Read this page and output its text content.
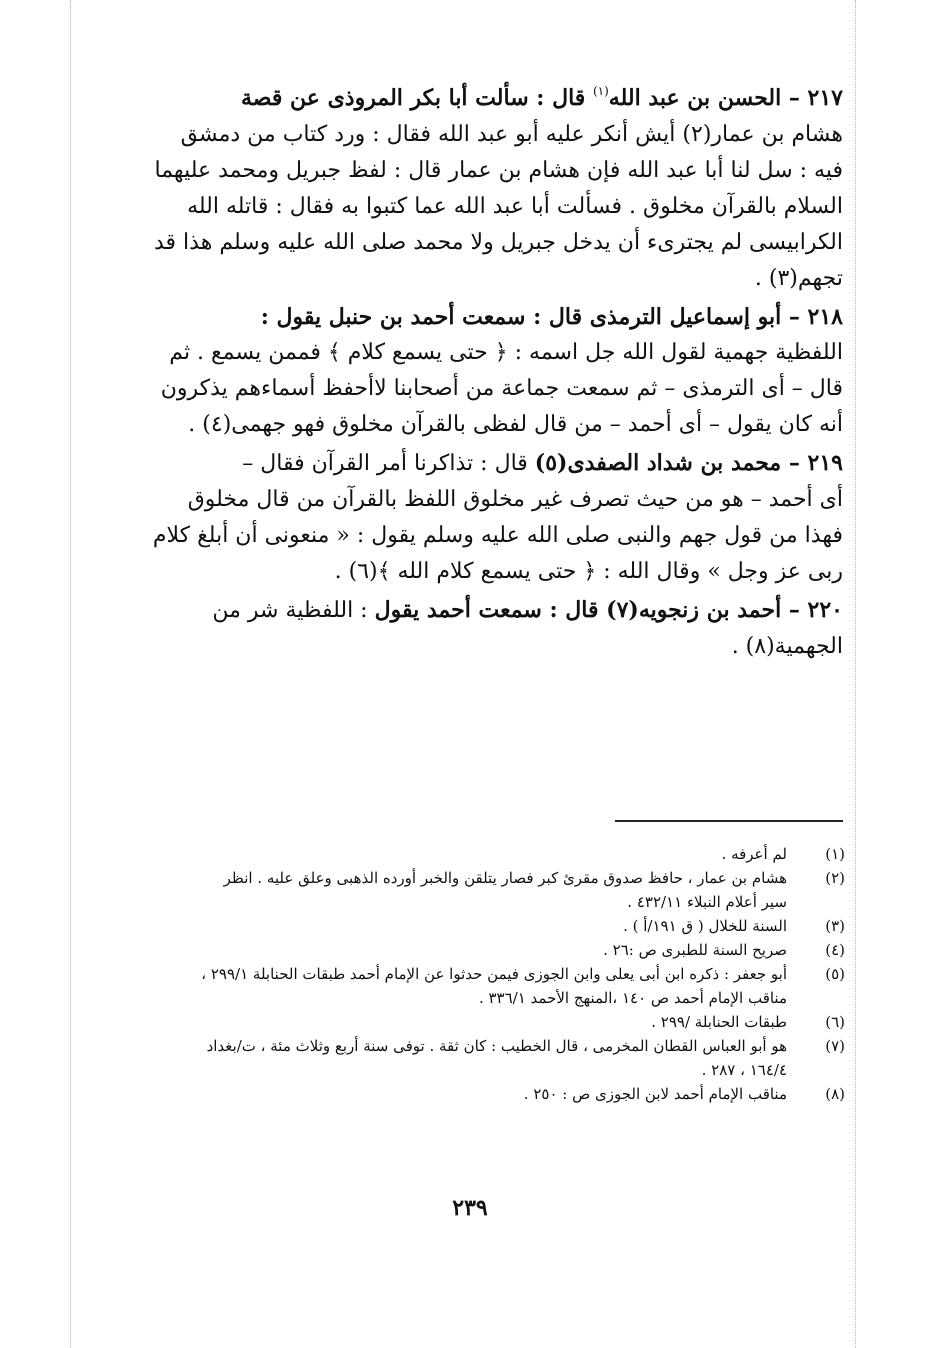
٢١٧ – الحسن بن عبد الله$^{(١)}$ قال : سألت أبا بكر المروذى عن قصة
هشام بن عمار(٢) أيش أنكر عليه أبو عبد الله فقال : ورد كتاب من دمشق
فيه : سل لنا أبا عبد الله فإن هشام بن عمار قال : لفظ جبريل ومحمد عليهما
السلام بالقرآن مخلوق . فسألت أبا عبد الله عما كتبوا به فقال : قاتله الله
الكرابيسى لم يجترىء أن يدخل جبريل ولا محمد صلى الله عليه وسلم هذا قد
تجهم(٣) .
٢١٨ – أبو إسماعيل الترمذى قال : سمعت أحمد بن حنبل يقول :
اللفظية جهمية لقول الله جل اسمه : ﴿ حتى يسمع كلام ﴾ فممن يسمع . ثم
قال – أى الترمذى – ثم سمعت جماعة من أصحابنا لاأحفظ أسماءهم يذكرون
أنه كان يقول – أى أحمد – من قال لفظى بالقرآن مخلوق فهو جهمى(٤) .
٢١٩ – محمد بن شداد الصفدى(٥) قال : تذاكرنا أمر القرآن فقال –
أى أحمد – هو من حيث تصرف غير مخلوق اللفظ بالقرآن من قال مخلوق
فهذا من قول جهم والنبى صلى الله عليه وسلم يقول : « منعونى أن أبلغ كلام
ربى عز وجل » وقال الله : ﴿ حتى يسمع كلام الله ﴾(٦) .
٢٢٠ – أحمد بن زنجويه(٧) قال : سمعت أحمد يقول : اللفظية شر من
الجهمية(٨) .
(١)
لم أعرفه .
(٢)
هشام بن عمار ، حافظ صدوق مقرئ كبر فصار يتلقن والخبر أورده الذهبى وعلق عليه . انظر
سير أعلام النبلاء ٤٣٢/١١ .
(٣)
السنة للخلال ( ق ١٩١/أ ) .
(٤)
صريح السنة للطبرى ص :٢٦ .
(٥)
أبو جعفر : ذكره ابن أبى يعلى وابن الجوزى فيمن حدثوا عن الإمام أحمد طبقات الحنابلة ٢٩٩/١ ،
مناقب الإمام أحمد ص ١٤٠ ،المنهج الأحمد ٣٣٦/١ .
(٦)
طبقات الحنابلة /٢٩٩ .
(٧)
هو أبو العباس القطان المخرمى ، قال الخطيب : كان ثقة . توفى سنة أربع وثلاث مئة ، ت/بغداد
١٦٤/٤ ، ٢٨٧ .
(٨)
مناقب الإمام أحمد لابن الجوزى ص : ٢٥٠ .
٢٣٩
